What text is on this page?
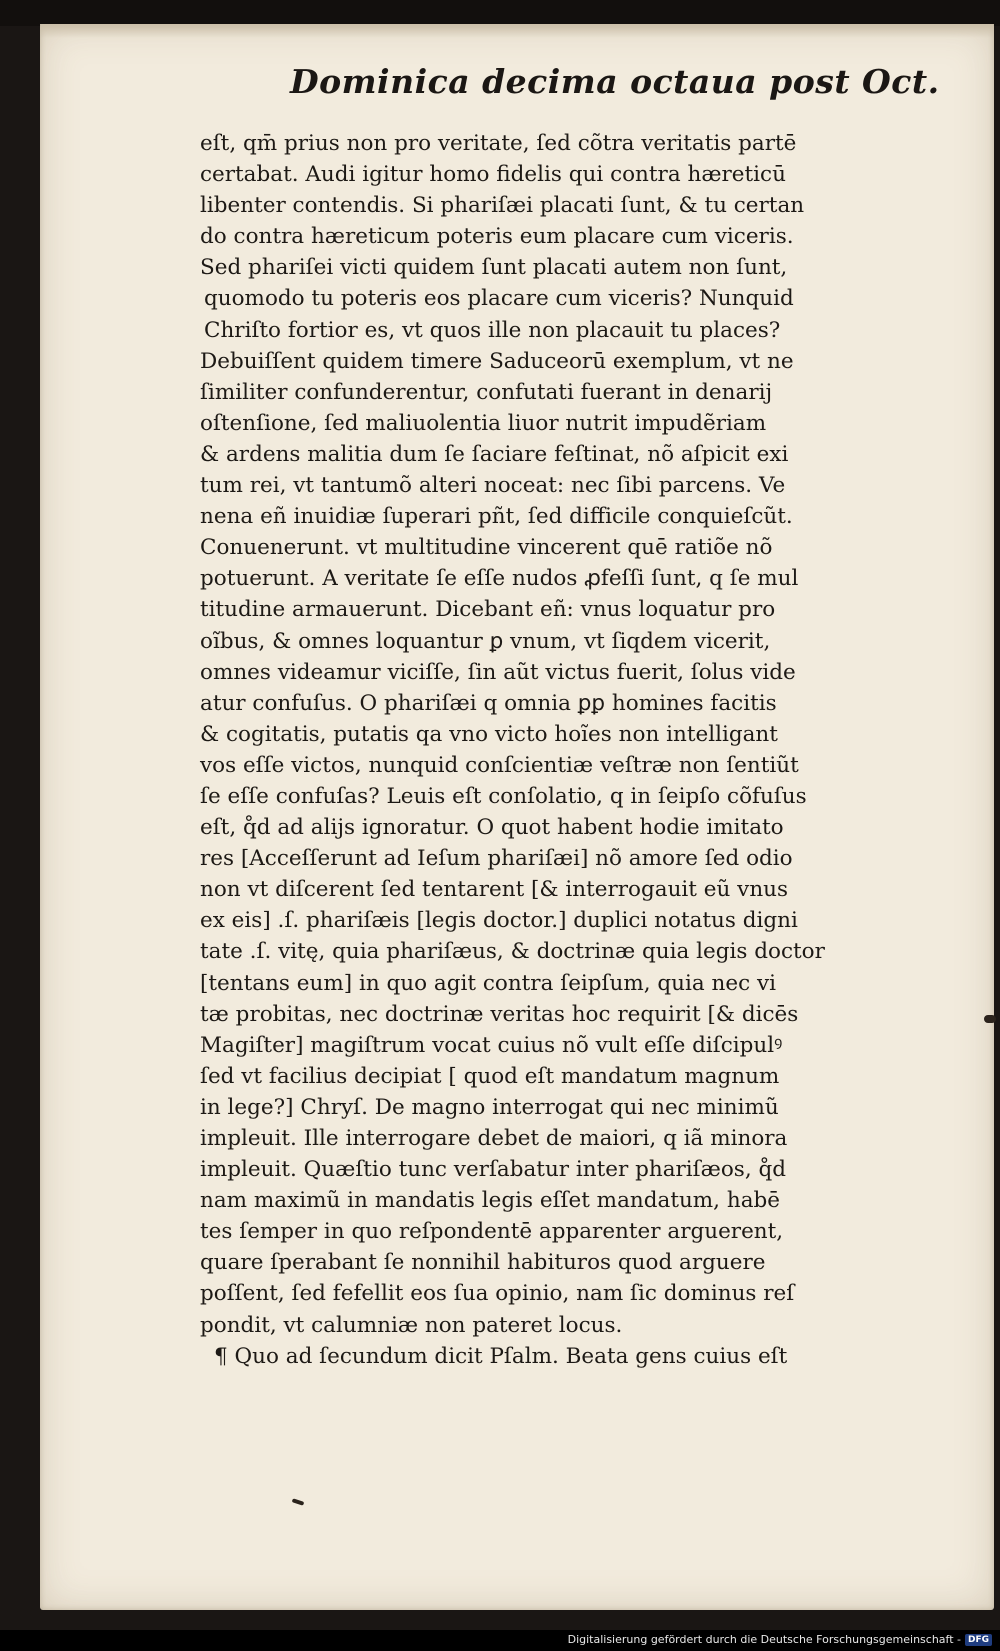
Dominica decima octaua post Oct.
eſt, qm̄ prius non pro veritate, ſed cõtra veritatis partē
certabat. Audi igitur homo fidelis qui contra hæreticū
libenter contendis. Si phariſæi placati ſunt, & tu certan
do contra hæreticum poteris eum placare cum viceris.
Sed phariſei victi quidem ſunt placati autem non ſunt,
quomodo tu poteris eos placare cum viceris? Nunquid
Chriſto fortior es, vt quos ille non placauit tu places?
Debuiſſent quidem timere Saduceorū exemplum, vt ne
ſimiliter confunderentur, confutati fuerant in denarij
oſtenſione, ſed maliuolentia liuor nutrit impudẽriam
& ardens malitia dum ſe ſaciare feſtinat, nõ aſpicit exi
tum rei, vt tantumõ alteri noceat: nec ſibi parcens. Ve
nena eñ inuidiæ ſuperari pñt, ſed difficile conquieſcũt.
Conuenerunt. vt multitudine vincerent quē ratiõe nõ
potuerunt. A veritate ſe eſſe nudos ꝓfeſſi ſunt, q ſe mul
titudine armauerunt. Dicebant eñ: vnus loquatur pro
oĩbus, & omnes loquantur ꝑ vnum, vt ſiqdem vicerit,
omnes videamur viciſſe, ſin aũt victus fuerit, ſolus vide
atur confuſus. O phariſæi q omnia ꝑꝑ homines facitis
& cogitatis, putatis qa vno victo hoĩes non intelligant
vos eſſe victos, nunquid conſcientiæ veſtræ non ſentiũt
ſe eſſe confuſas? Leuis eſt conſolatio, q in ſeipſo cõfuſus
eſt, q̊d ad alijs ignoratur. O quot habent hodie imitato
res [Acceſſerunt ad Ieſum phariſæi] nõ amore ſed odio
non vt diſcerent ſed tentarent [& interrogauit eũ vnus
ex eis] .ſ. phariſæis [legis doctor.] duplici notatus digni
tate .ſ. vitę, quia phariſæus, & doctrinæ quia legis doctor
[tentans eum] in quo agit contra ſeipſum, quia nec vi
tæ probitas, nec doctrinæ veritas hoc requirit [& dicēs
Magiſter] magiſtrum vocat cuius nõ vult eſſe diſcipulꝰ
ſed vt facilius decipiat [ quod eſt mandatum magnum
in lege?] Chryſ. De magno interrogat qui nec minimũ
impleuit. Ille interrogare debet de maiori, q iã minora
impleuit. Quæſtio tunc verſabatur inter phariſæos, q̊d
nam maximũ in mandatis legis eſſet mandatum, habē
tes ſemper in quo reſpondentē apparenter arguerent,
quare ſperabant ſe nonnihil habituros quod arguere
poſſent, ſed fefellit eos ſua opinio, nam ſic dominus reſ
pondit, vt calumniæ non pateret locus.
¶ Quo ad ſecundum dicit Pſalm. Beata gens cuius eſt
Digitalisierung gefördert durch die Deutsche Forschungsgemeinschaft - DFG
